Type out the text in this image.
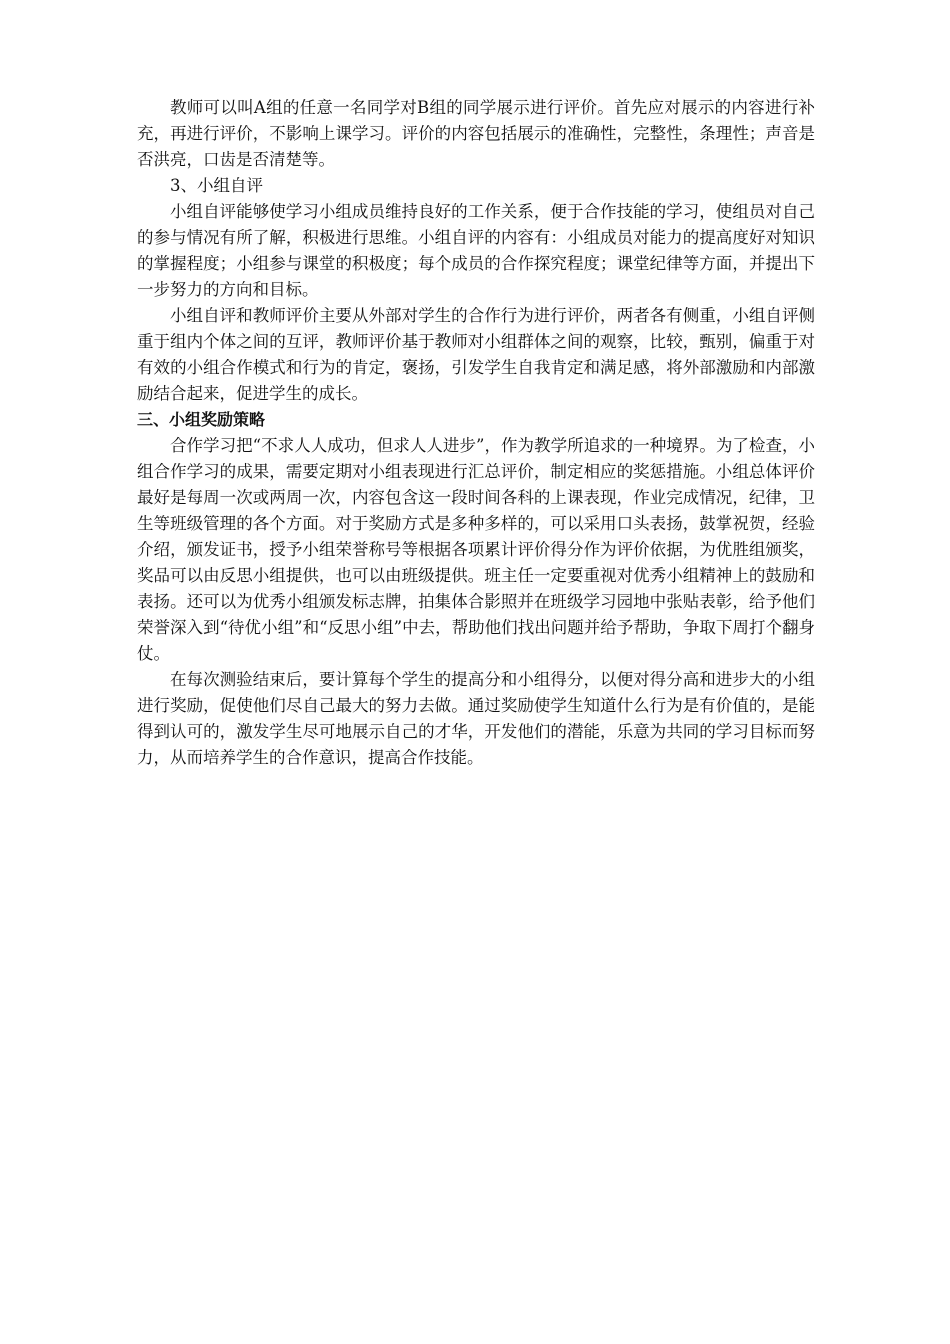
教师可以叫A组的任意一名同学对B组的同学展示进行评价。首先应对展示的内容进行补充，再进行评价，不影响上课学习。评价的内容包括展示的准确性，完整性，条理性；声音是否洪亮，口齿是否清楚等。

3、小组自评

小组自评能够使学习小组成员维持良好的工作关系，便于合作技能的学习，使组员对自己的参与情况有所了解，积极进行思维。小组自评的内容有：小组成员对能力的提高度好对知识的掌握程度；小组参与课堂的积极度；每个成员的合作探究程度；课堂纪律等方面，并提出下一步努力的方向和目标。

小组自评和教师评价主要从外部对学生的合作行为进行评价，两者各有侧重，小组自评侧重于组内个体之间的互评，教师评价基于教师对小组群体之间的观察，比较，甄别，偏重于对有效的小组合作模式和行为的肯定，褒扬，引发学生自我肯定和满足感，将外部激励和内部激励结合起来，促进学生的成长。

三、小组奖励策略

合作学习把“不求人人成功，但求人人进步”，作为教学所追求的一种境界。为了检查，小组合作学习的成果，需要定期对小组表现进行汇总评价，制定相应的奖惩措施。小组总体评价最好是每周一次或两周一次，内容包含这一段时间各科的上课表现，作业完成情况，纪律，卫生等班级管理的各个方面。对于奖励方式是多种多样的，可以采用口头表扬，鼓掌祝贺，经验介绍，颁发证书，授予小组荣誉称号等根据各项累计评价得分作为评价依据，为优胜组颁奖，奖品可以由反思小组提供，也可以由班级提供。班主任一定要重视对优秀小组精神上的鼓励和表扬。还可以为优秀小组颁发标志牌，拍集体合影照并在班级学习园地中张贴表彰，给予他们荣誉深入到“待优小组”和“反思小组”中去，帮助他们找出问题并给予帮助，争取下周打个翻身仗。

在每次测验结束后，要计算每个学生的提高分和小组得分，以便对得分高和进步大的小组进行奖励，促使他们尽自己最大的努力去做。通过奖励使学生知道什么行为是有价值的，是能得到认可的，激发学生尽可地展示自己的才华，开发他们的潜能，乐意为共同的学习目标而努力，从而培养学生的合作意识，提高合作技能。
